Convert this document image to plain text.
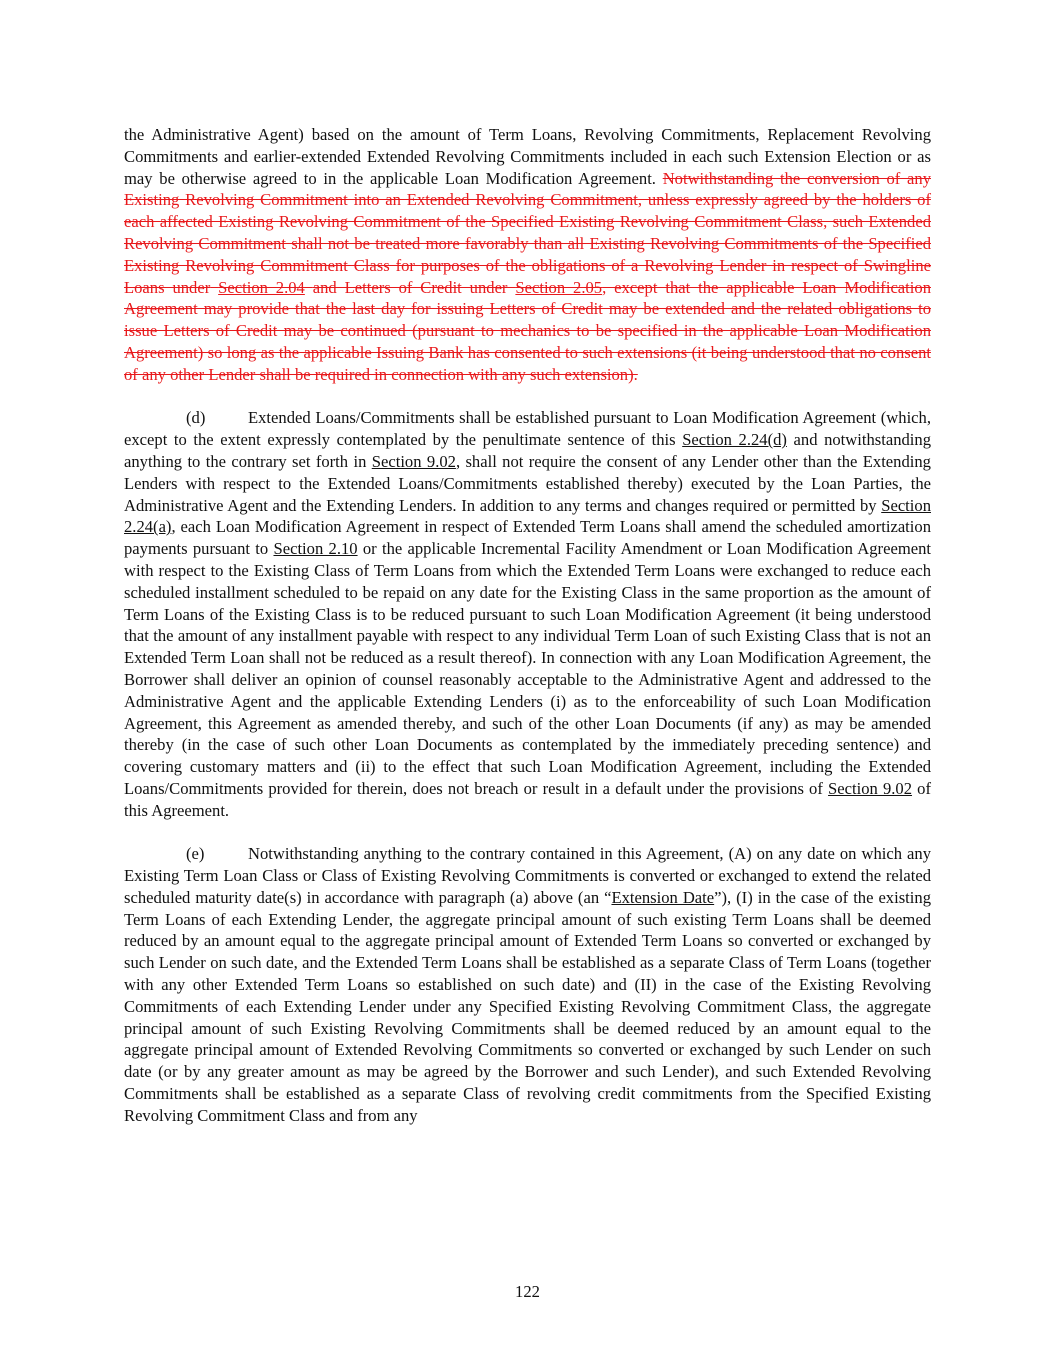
the Administrative Agent) based on the amount of Term Loans, Revolving Commitments, Replacement Revolving Commitments and earlier-extended Extended Revolving Commitments included in each such Extension Election or as may be otherwise agreed to in the applicable Loan Modification Agreement. Notwithstanding the conversion of any Existing Revolving Commitment into an Extended Revolving Commitment, unless expressly agreed by the holders of each affected Existing Revolving Commitment of the Specified Existing Revolving Commitment Class, such Extended Revolving Commitment shall not be treated more favorably than all Existing Revolving Commitments of the Specified Existing Revolving Commitment Class for purposes of the obligations of a Revolving Lender in respect of Swingline Loans under Section 2.04 and Letters of Credit under Section 2.05, except that the applicable Loan Modification Agreement may provide that the last day for issuing Letters of Credit may be extended and the related obligations to issue Letters of Credit may be continued (pursuant to mechanics to be specified in the applicable Loan Modification Agreement) so long as the applicable Issuing Bank has consented to such extensions (it being understood that no consent of any other Lender shall be required in connection with any such extension).

(d)	Extended Loans/Commitments shall be established pursuant to Loan Modification Agreement (which, except to the extent expressly contemplated by the penultimate sentence of this Section 2.24(d) and notwithstanding anything to the contrary set forth in Section 9.02, shall not require the consent of any Lender other than the Extending Lenders with respect to the Extended Loans/Commitments established thereby) executed by the Loan Parties, the Administrative Agent and the Extending Lenders. In addition to any terms and changes required or permitted by Section 2.24(a), each Loan Modification Agreement in respect of Extended Term Loans shall amend the scheduled amortization payments pursuant to Section 2.10 or the applicable Incremental Facility Amendment or Loan Modification Agreement with respect to the Existing Class of Term Loans from which the Extended Term Loans were exchanged to reduce each scheduled installment scheduled to be repaid on any date for the Existing Class in the same proportion as the amount of Term Loans of the Existing Class is to be reduced pursuant to such Loan Modification Agreement (it being understood that the amount of any installment payable with respect to any individual Term Loan of such Existing Class that is not an Extended Term Loan shall not be reduced as a result thereof). In connection with any Loan Modification Agreement, the Borrower shall deliver an opinion of counsel reasonably acceptable to the Administrative Agent and addressed to the Administrative Agent and the applicable Extending Lenders (i) as to the enforceability of such Loan Modification Agreement, this Agreement as amended thereby, and such of the other Loan Documents (if any) as may be amended thereby (in the case of such other Loan Documents as contemplated by the immediately preceding sentence) and covering customary matters and (ii) to the effect that such Loan Modification Agreement, including the Extended Loans/Commitments provided for therein, does not breach or result in a default under the provisions of Section 9.02 of this Agreement.

(e)	Notwithstanding anything to the contrary contained in this Agreement, (A) on any date on which any Existing Term Loan Class or Class of Existing Revolving Commitments is converted or exchanged to extend the related scheduled maturity date(s) in accordance with paragraph (a) above (an “Extension Date”), (I) in the case of the existing Term Loans of each Extending Lender, the aggregate principal amount of such existing Term Loans shall be deemed reduced by an amount equal to the aggregate principal amount of Extended Term Loans so converted or exchanged by such Lender on such date, and the Extended Term Loans shall be established as a separate Class of Term Loans (together with any other Extended Term Loans so established on such date) and (II) in the case of the Existing Revolving Commitments of each Extending Lender under any Specified Existing Revolving Commitment Class, the aggregate principal amount of such Existing Revolving Commitments shall be deemed reduced by an amount equal to the aggregate principal amount of Extended Revolving Commitments so converted or exchanged by such Lender on such date (or by any greater amount as may be agreed by the Borrower and such Lender), and such Extended Revolving Commitments shall be established as a separate Class of revolving credit commitments from the Specified Existing Revolving Commitment Class and from any

122
